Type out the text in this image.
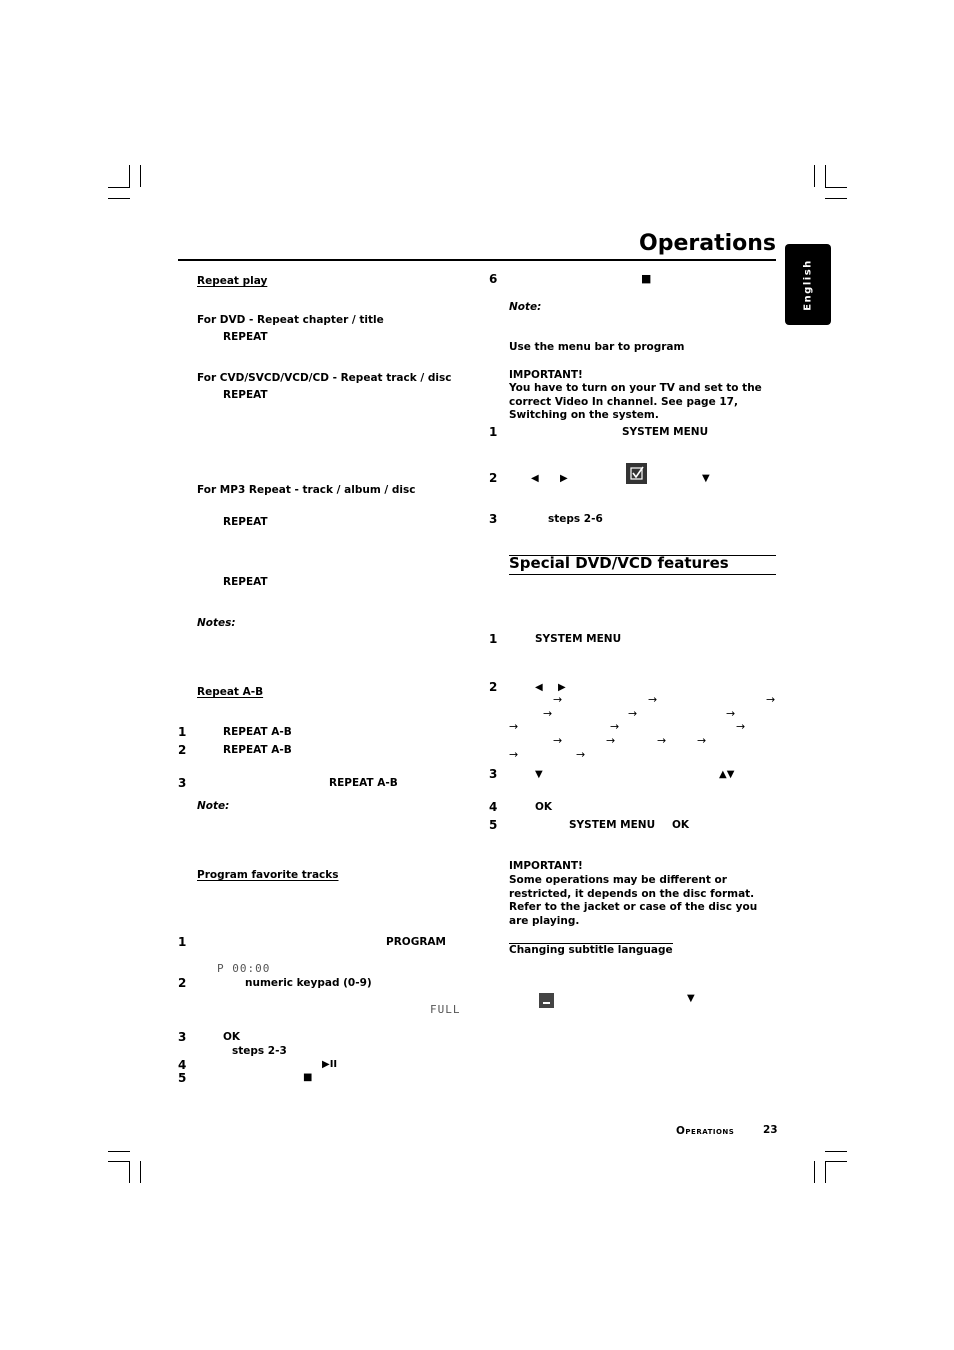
Operations
English
Repeat play
For DVD - Repeat chapter / title
REPEAT
For CVD/SVCD/VCD/CD - Repeat track / disc
REPEAT
For MP3 Repeat - track / album / disc
REPEAT
REPEAT
Notes:
Repeat A-B
1	REPEAT A-B
2	REPEAT A-B
3	REPEAT A-B
Note:
Program favorite tracks
1	PROGRAM
P 00:00
2	numeric keypad (0-9)
FULL
3	OK
steps 2-3
4	▶II
5	■
6	■
Note:
Use the menu bar to program
IMPORTANT!
You have to turn on your TV and set to the correct Video In channel. See page 17, Switching on the system.
1	SYSTEM MENU
2	◀ ▶	▼
3	steps 2-6
Special DVD/VCD features
1	SYSTEM MENU
2	◀ ▶
→	→	→
→	→	→
→	→	→
→	→	→	→
→	→
3	▼	▲▼
4	OK
5	SYSTEM MENU OK
IMPORTANT!
Some operations may be different or restricted, it depends on the disc format. Refer to the jacket or case of the disc you are playing.
Changing subtitle language
▼
Operations	23
